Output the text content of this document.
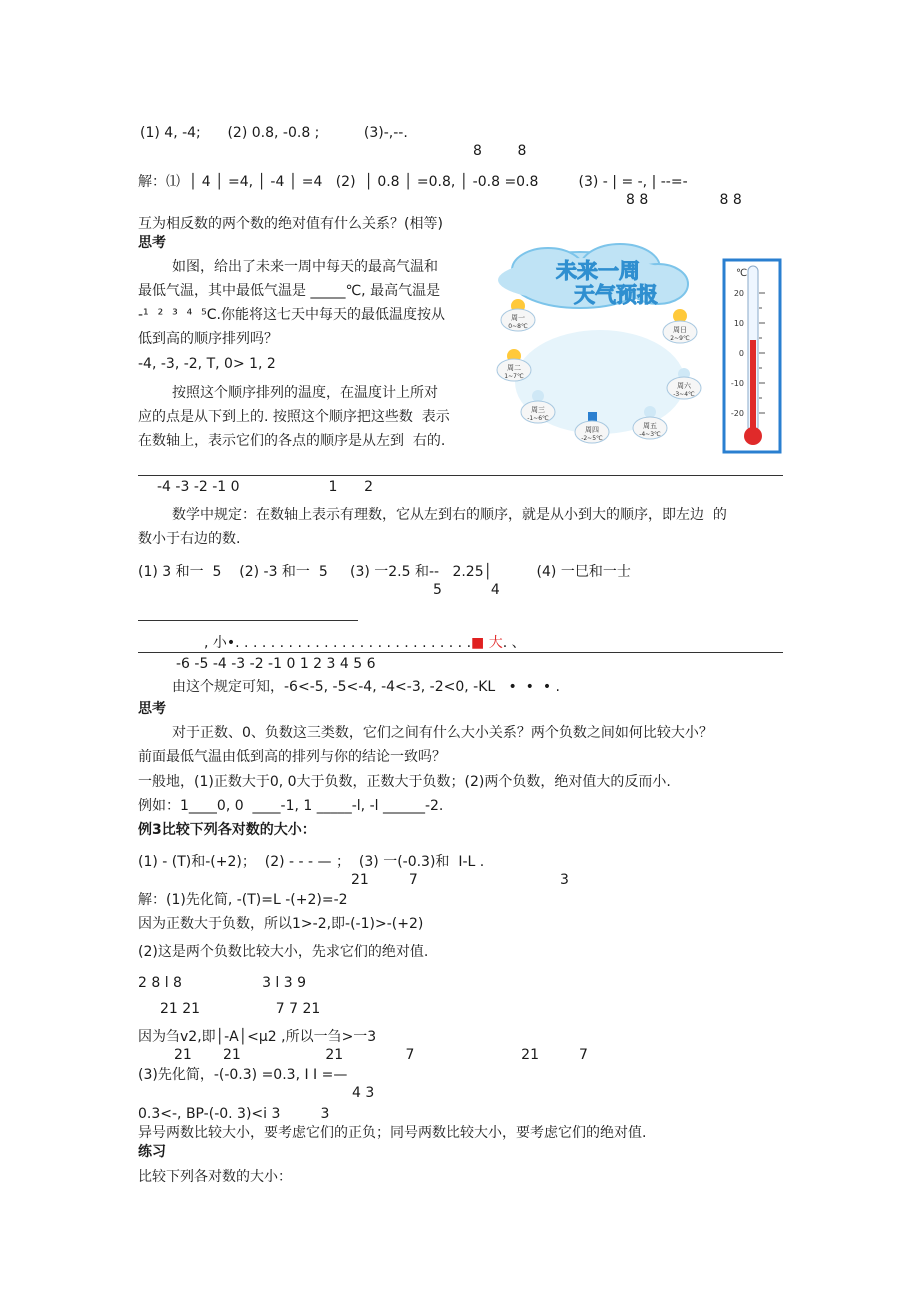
(1) 4, -4;      (2) 0.8, -0.8 ;          (3)-,--.
8        8
解：⑴  │ 4 │ =4, │ -4 │ =4   (2)  │ 0.8 │ =0.8, │ -0.8 =0.8         (3) - | = -, | --=-
8 8                8 8
互为相反数的两个数的绝对值有什么关系？(相等)
思考
如图，给出了未来一周中每天的最高气温和
最低气温，其中最低气温是 _____℃, 最高气温是
-¹  ²  ³  ⁴  ⁵C.你能将这七天中每天的最低温度按从
低到高的顺序排列吗？
-4, -3, -2, T, 0> 1, 2
按照这个顺序排列的温度，在温度计上所对
应的点是从下到上的. 按照这个顺序把这些数  表示
在数轴上，表示它们的各点的顺序是从左到  右的.
未来一周
天气预报
周一
0~8℃
周二
1~7℃
周三
-1~6℃
周四
-2~5℃
周五
-4~3℃
周六
-3~4℃
周日
2~9℃
℃
20
10
0
-10
-20
-4 -3 -2 -1 0                    1      2
数学中规定：在数轴上表示有理数，它从左到右的顺序，就是从小到大的顺序，即左边  的
数小于右边的数.
(1) 3 和一  5    (2) -3 和一  5     (3) 一2.5 和--   2.25│          (4) 一巳和一士
5           4
, 小•. . . . . . . . . . . . . . . . . . . . . . . . . . .■ 大. 、
-6 -5 -4 -3 -2 -1 0 1 2 3 4 5 6
由这个规定可知，-6<-5, -5<-4, -4<-3, -2<0, -KL   •  •  • .
思考
对于正数、0、负数这三类数，它们之间有什么大小关系？两个负数之间如何比较大小？
前面最低气温由低到高的排列与你的结论一致吗？
一般地，(1)正数大于0, 0大于负数，正数大于负数；(2)两个负数，绝对值大的反而小.
例如：1____0, 0  ____-1, 1 _____-l, -l ______-2.
例3比较下列各对数的大小：
(1) - (T)和-(+2)；  (2) - - - — ；  (3) 一(-0.3)和  I-L .
21         7	3
解：(1)先化简, -(T)=L -(+2)=-2
因为正数大于负数，所以1>-2,即-(-1)>-(+2)
(2)这是两个负数比较大小，先求它们的绝对值.
2 8 l 8                  3 l 3 9
21 21                 7 7 21
因为刍v2,即│-A│<μ2 ,所以一刍>一3
21       21                   21              7                        21         7
(3)先化简，-(-0.3) =0.3, I I =—
4 3
0.3<-, BP-(-0. 3)<i 3         3
异号两数比较大小，要考虑它们的正负；同号两数比较大小，要考虑它们的绝对值.
练习
比较下列各对数的大小：
